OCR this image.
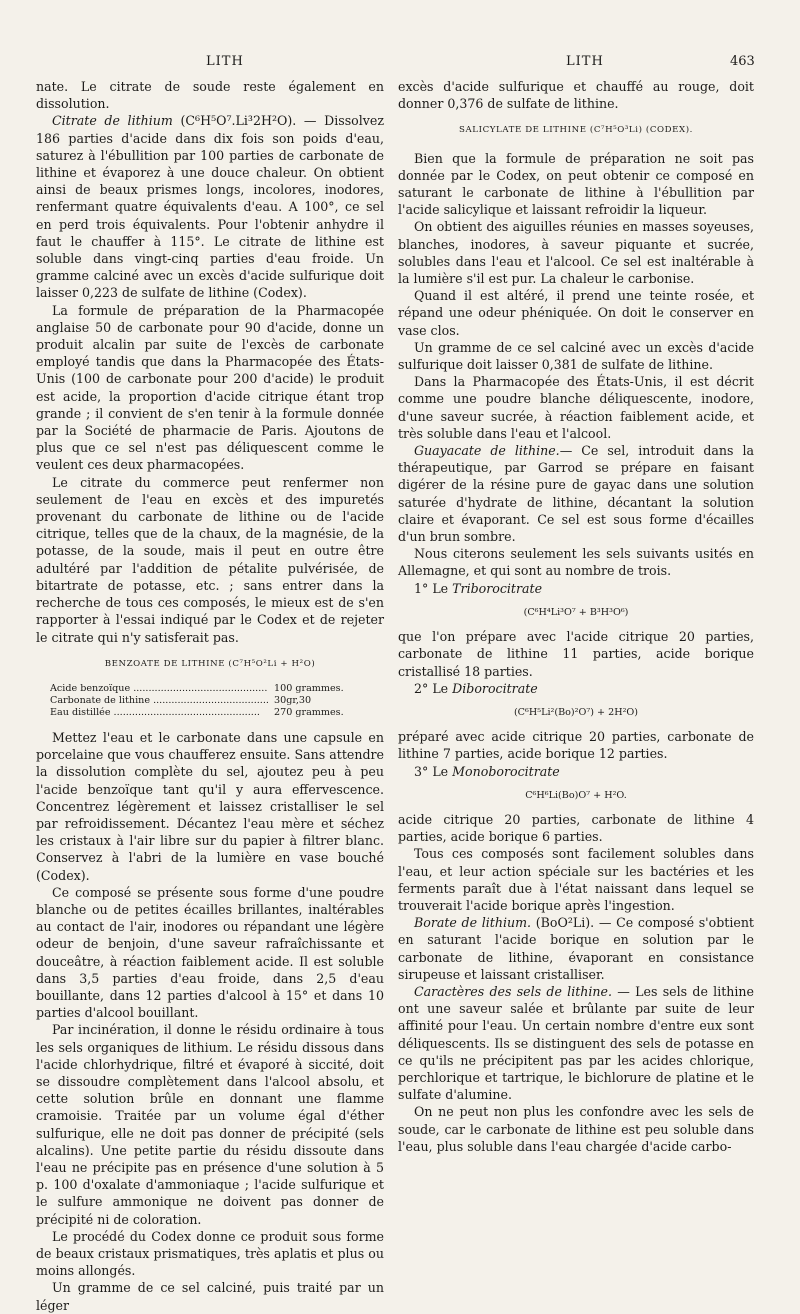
LITH	LITH	463

nate. Le citrate de soude reste également en dissolution.

Citrate de lithium (C⁶H⁵O⁷.Li³2H²O). — Dissolvez 186 parties d'acide dans dix fois son poids d'eau, saturez à l'ébullition par 100 parties de carbonate de lithine et évaporez à une douce chaleur. On obtient ainsi de beaux prismes longs, incolores, inodores, renfermant quatre équivalents d'eau. A 100°, ce sel en perd trois équivalents. Pour l'obtenir anhydre il faut le chauffer à 115°. Le citrate de lithine est soluble dans vingt-cinq parties d'eau froide. Un gramme calciné avec un excès d'acide sulfurique doit laisser 0,223 de sulfate de lithine (Codex).

La formule de préparation de la Pharmacopée anglaise 50 de carbonate pour 90 d'acide, donne un produit alcalin par suite de l'excès de carbonate employé tandis que dans la Pharmacopée des États-Unis (100 de carbonate pour 200 d'acide) le produit est acide, la proportion d'acide citrique étant trop grande ; il convient de s'en tenir à la formule donnée par la Société de pharmacie de Paris. Ajoutons de plus que ce sel n'est pas déliquescent comme le veulent ces deux pharmacopées.

Le citrate du commerce peut renfermer non seulement de l'eau en excès et des impuretés provenant du carbonate de lithine ou de l'acide citrique, telles que de la chaux, de la magnésie, de la potasse, de la soude, mais il peut en outre être adultéré par l'addition de pétalite pulvérisée, de bitartrate de potasse, etc. ; sans entrer dans la recherche de tous ces composés, le mieux est de s'en rapporter à l'essai indiqué par le Codex et de rejeter le citrate qui n'y satisferait pas.

BENZOATE DE LITHINE (C⁷H⁵O²Li + H²O)
Acide benzoïque .....	100 grammes.
Carbonate de lithine .....	30gr,30
Eau distillée .....	270 grammes.

Mettez l'eau et le carbonate dans une capsule en porcelaine que vous chaufferez ensuite. Sans attendre la dissolution complète du sel, ajoutez peu à peu l'acide benzoïque tant qu'il y aura effervescence. Concentrez légèrement et laissez cristalliser le sel par refroidissement. Décantez l'eau mère et séchez les cristaux à l'air libre sur du papier à filtrer blanc. Conservez à l'abri de la lumière en vase bouché (Codex).

Ce composé se présente sous forme d'une poudre blanche ou de petites écailles brillantes, inaltérables au contact de l'air, inodores ou répandant une légère odeur de benjoin, d'une saveur rafraîchissante et douceâtre, à réaction faiblement acide. Il est soluble dans 3,5 parties d'eau froide, dans 2,5 d'eau bouillante, dans 12 parties d'alcool à 15° et dans 10 parties d'alcool bouillant.

Par incinération, il donne le résidu ordinaire à tous les sels organiques de lithium. Le résidu dissous dans l'acide chlorhydrique, filtré et évaporé à siccité, doit se dissoudre complètement dans l'alcool absolu, et cette solution brûle en donnant une flamme cramoisie. Traitée par un volume égal d'éther sulfurique, elle ne doit pas donner de précipité (sels alcalins). Une petite partie du résidu dissoute dans l'eau ne précipite pas en présence d'une solution à 5 p. 100 d'oxalate d'ammoniaque ; l'acide sulfurique et le sulfure ammonique ne doivent pas donner de précipité ni de coloration.

Le procédé du Codex donne ce produit sous forme de beaux cristaux prismatiques, très aplatis et plus ou moins allongés.

Un gramme de ce sel calciné, puis traité par un léger

excès d'acide sulfurique et chauffé au rouge, doit donner 0,376 de sulfate de lithine.

SALICYLATE DE LITHINE (C⁷H⁵O³Li) (CODEX).

Bien que la formule de préparation ne soit pas donnée par le Codex, on peut obtenir ce composé en saturant le carbonate de lithine à l'ébullition par l'acide salicylique et laissant refroidir la liqueur.

On obtient des aiguilles réunies en masses soyeuses, blanches, inodores, à saveur piquante et sucrée, solubles dans l'eau et l'alcool. Ce sel est inaltérable à la lumière s'il est pur. La chaleur le carbonise.

Quand il est altéré, il prend une teinte rosée, et répand une odeur phéniquée. On doit le conserver en vase clos.

Un gramme de ce sel calciné avec un excès d'acide sulfurique doit laisser 0,381 de sulfate de lithine.

Dans la Pharmacopée des États-Unis, il est décrit comme une poudre blanche déliquescente, inodore, d'une saveur sucrée, à réaction faiblement acide, et très soluble dans l'eau et l'alcool.

Guayacate de lithine.— Ce sel, introduit dans la thérapeutique, par Garrod se prépare en faisant digérer de la résine pure de gayac dans une solution saturée d'hydrate de lithine, décantant la solution claire et évaporant. Ce sel est sous forme d'écailles d'un brun sombre.

Nous citerons seulement les sels suivants usités en Allemagne, et qui sont au nombre de trois.

1° Le Triborocitrate

(C⁶H⁴Li³O⁷ + B³H³O⁶)

que l'on prépare avec l'acide citrique 20 parties, carbonate de lithine 11 parties, acide borique cristallisé 18 parties.

2° Le Diborocitrate

(C⁶H⁵Li²(Bo)²O⁷) + 2H²O)

préparé avec acide citrique 20 parties, carbonate de lithine 7 parties, acide borique 12 parties.

3° Le Monoborocitrate

C⁶H⁶Li(Bo)O⁷ + H²O.

acide citrique 20 parties, carbonate de lithine 4 parties, acide borique 6 parties.

Tous ces composés sont facilement solubles dans l'eau, et leur action spéciale sur les bactéries et les ferments paraît due à l'état naissant dans lequel se trouverait l'acide borique après l'ingestion.

Borate de lithium. (BoO²Li). — Ce composé s'obtient en saturant l'acide borique en solution par le carbonate de lithine, évaporant en consistance sirupeuse et laissant cristalliser.

Caractères des sels de lithine. — Les sels de lithine ont une saveur salée et brûlante par suite de leur affinité pour l'eau. Un certain nombre d'entre eux sont déliquescents. Ils se distinguent des sels de potasse en ce qu'ils ne précipitent pas par les acides chlorique, perchlorique et tartrique, le bichlorure de platine et le sulfate d'alumine.

On ne peut non plus les confondre avec les sels de soude, car le carbonate de lithine est peu soluble dans l'eau, plus soluble dans l'eau chargée d'acide carbo-
